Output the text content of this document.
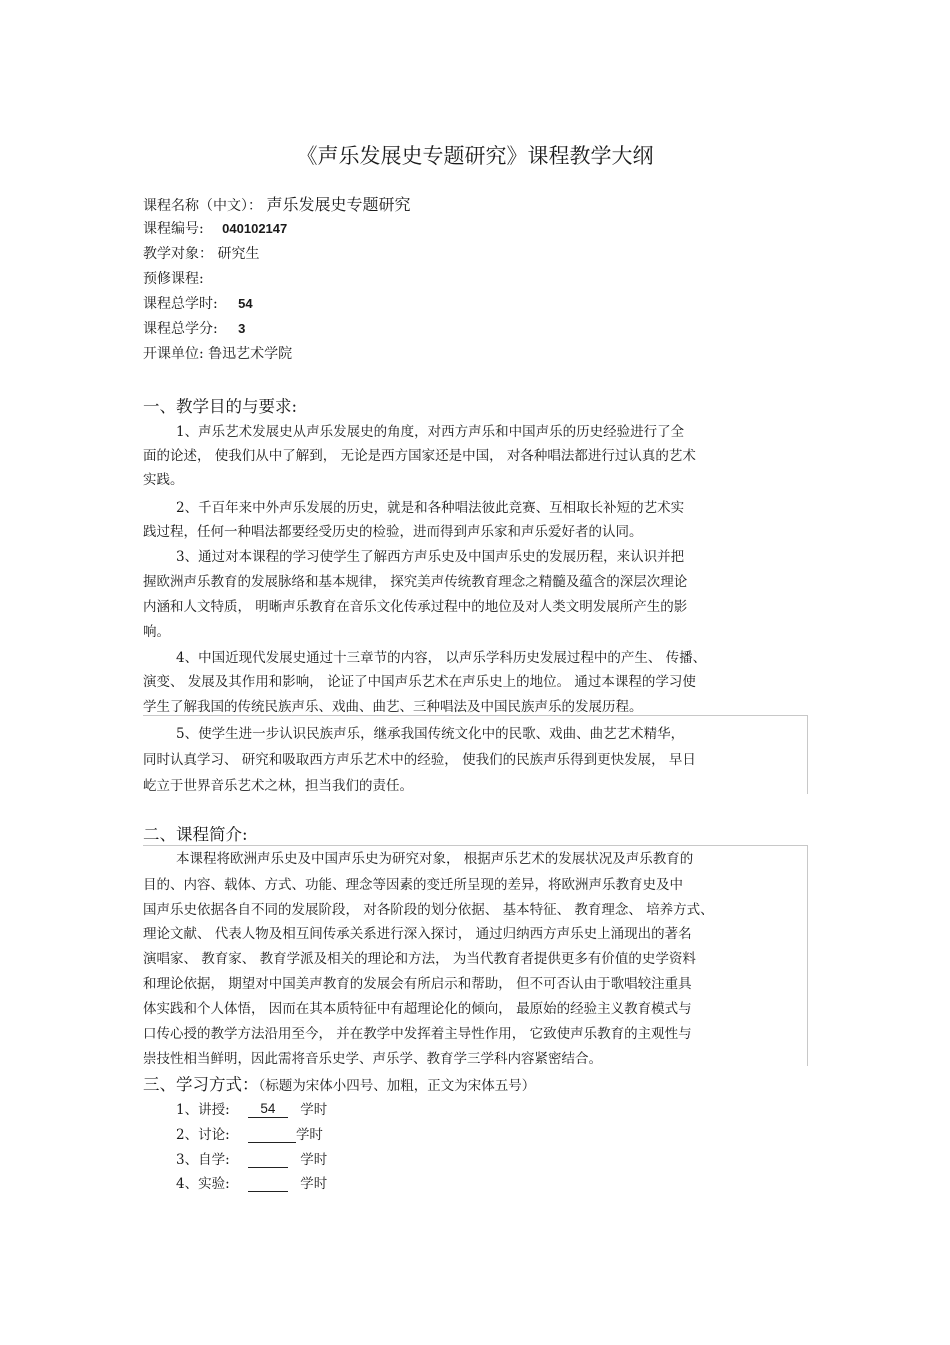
《声乐发展史专题研究》课程教学大纲
课程名称（中文）： 声乐发展史专题研究
课程编号: 040102147
教学对象： 研究生
预修课程:
课程总学时: 54
课程总学分: 3
开课单位: 鲁迅艺术学院
一、教学目的与要求:
1、声乐艺术发展史从声乐发展史的角度，对西方声乐和中国声乐的历史经验进行了全
面的论述， 使我们从中了解到， 无论是西方国家还是中国， 对各种唱法都进行过认真的艺术
实践。
2、千百年来中外声乐发展的历史，就是和各种唱法彼此竞赛、互相取长补短的艺术实
践过程，任何一种唱法都要经受历史的检验，进而得到声乐家和声乐爱好者的认同。
3、通过对本课程的学习使学生了解西方声乐史及中国声乐史的发展历程，来认识并把
握欧洲声乐教育的发展脉络和基本规律， 探究美声传统教育理念之精髓及蕴含的深层次理论
内涵和人文特质， 明晰声乐教育在音乐文化传承过程中的地位及对人类文明发展所产生的影
响。
4、中国近现代发展史通过十三章节的内容， 以声乐学科历史发展过程中的产生、 传播、
演变、 发展及其作用和影响， 论证了中国声乐艺术在声乐史上的地位。 通过本课程的学习使
学生了解我国的传统民族声乐、戏曲、曲艺、三种唱法及中国民族声乐的发展历程。
5、使学生进一步认识民族声乐，继承我国传统文化中的民歌、戏曲、曲艺艺术精华，
同时认真学习、 研究和吸取西方声乐艺术中的经验， 使我们的民族声乐得到更快发展， 早日
屹立于世界音乐艺术之林，担当我们的责任。
二、课程简介:
本课程将欧洲声乐史及中国声乐史为研究对象， 根据声乐艺术的发展状况及声乐教育的
目的、内容、载体、方式、功能、理念等因素的变迁所呈现的差异，将欧洲声乐教育史及中
国声乐史依据各自不同的发展阶段， 对各阶段的划分依据、 基本特征、 教育理念、 培养方式、
理论文献、 代表人物及相互间传承关系进行深入探讨， 通过归纳西方声乐史上涌现出的著名
演唱家、 教育家、 教育学派及相关的理论和方法， 为当代教育者提供更多有价值的史学资料
和理论依据， 期望对中国美声教育的发展会有所启示和帮助， 但不可否认由于歌唱较注重具
体实践和个人体悟， 因而在其本质特征中有超理论化的倾向， 最原始的经验主义教育模式与
口传心授的教学方法沿用至今， 并在教学中发挥着主导性作用， 它致使声乐教育的主观性与
崇技性相当鲜明，因此需将音乐史学、声乐学、教育学三学科内容紧密结合。
三、学习方式：（标题为宋体小四号、加粗，正文为宋体五号）
1、讲授: 54 学时
2、讨论:	学时
3、自学:	学时
4、实验:	学时
